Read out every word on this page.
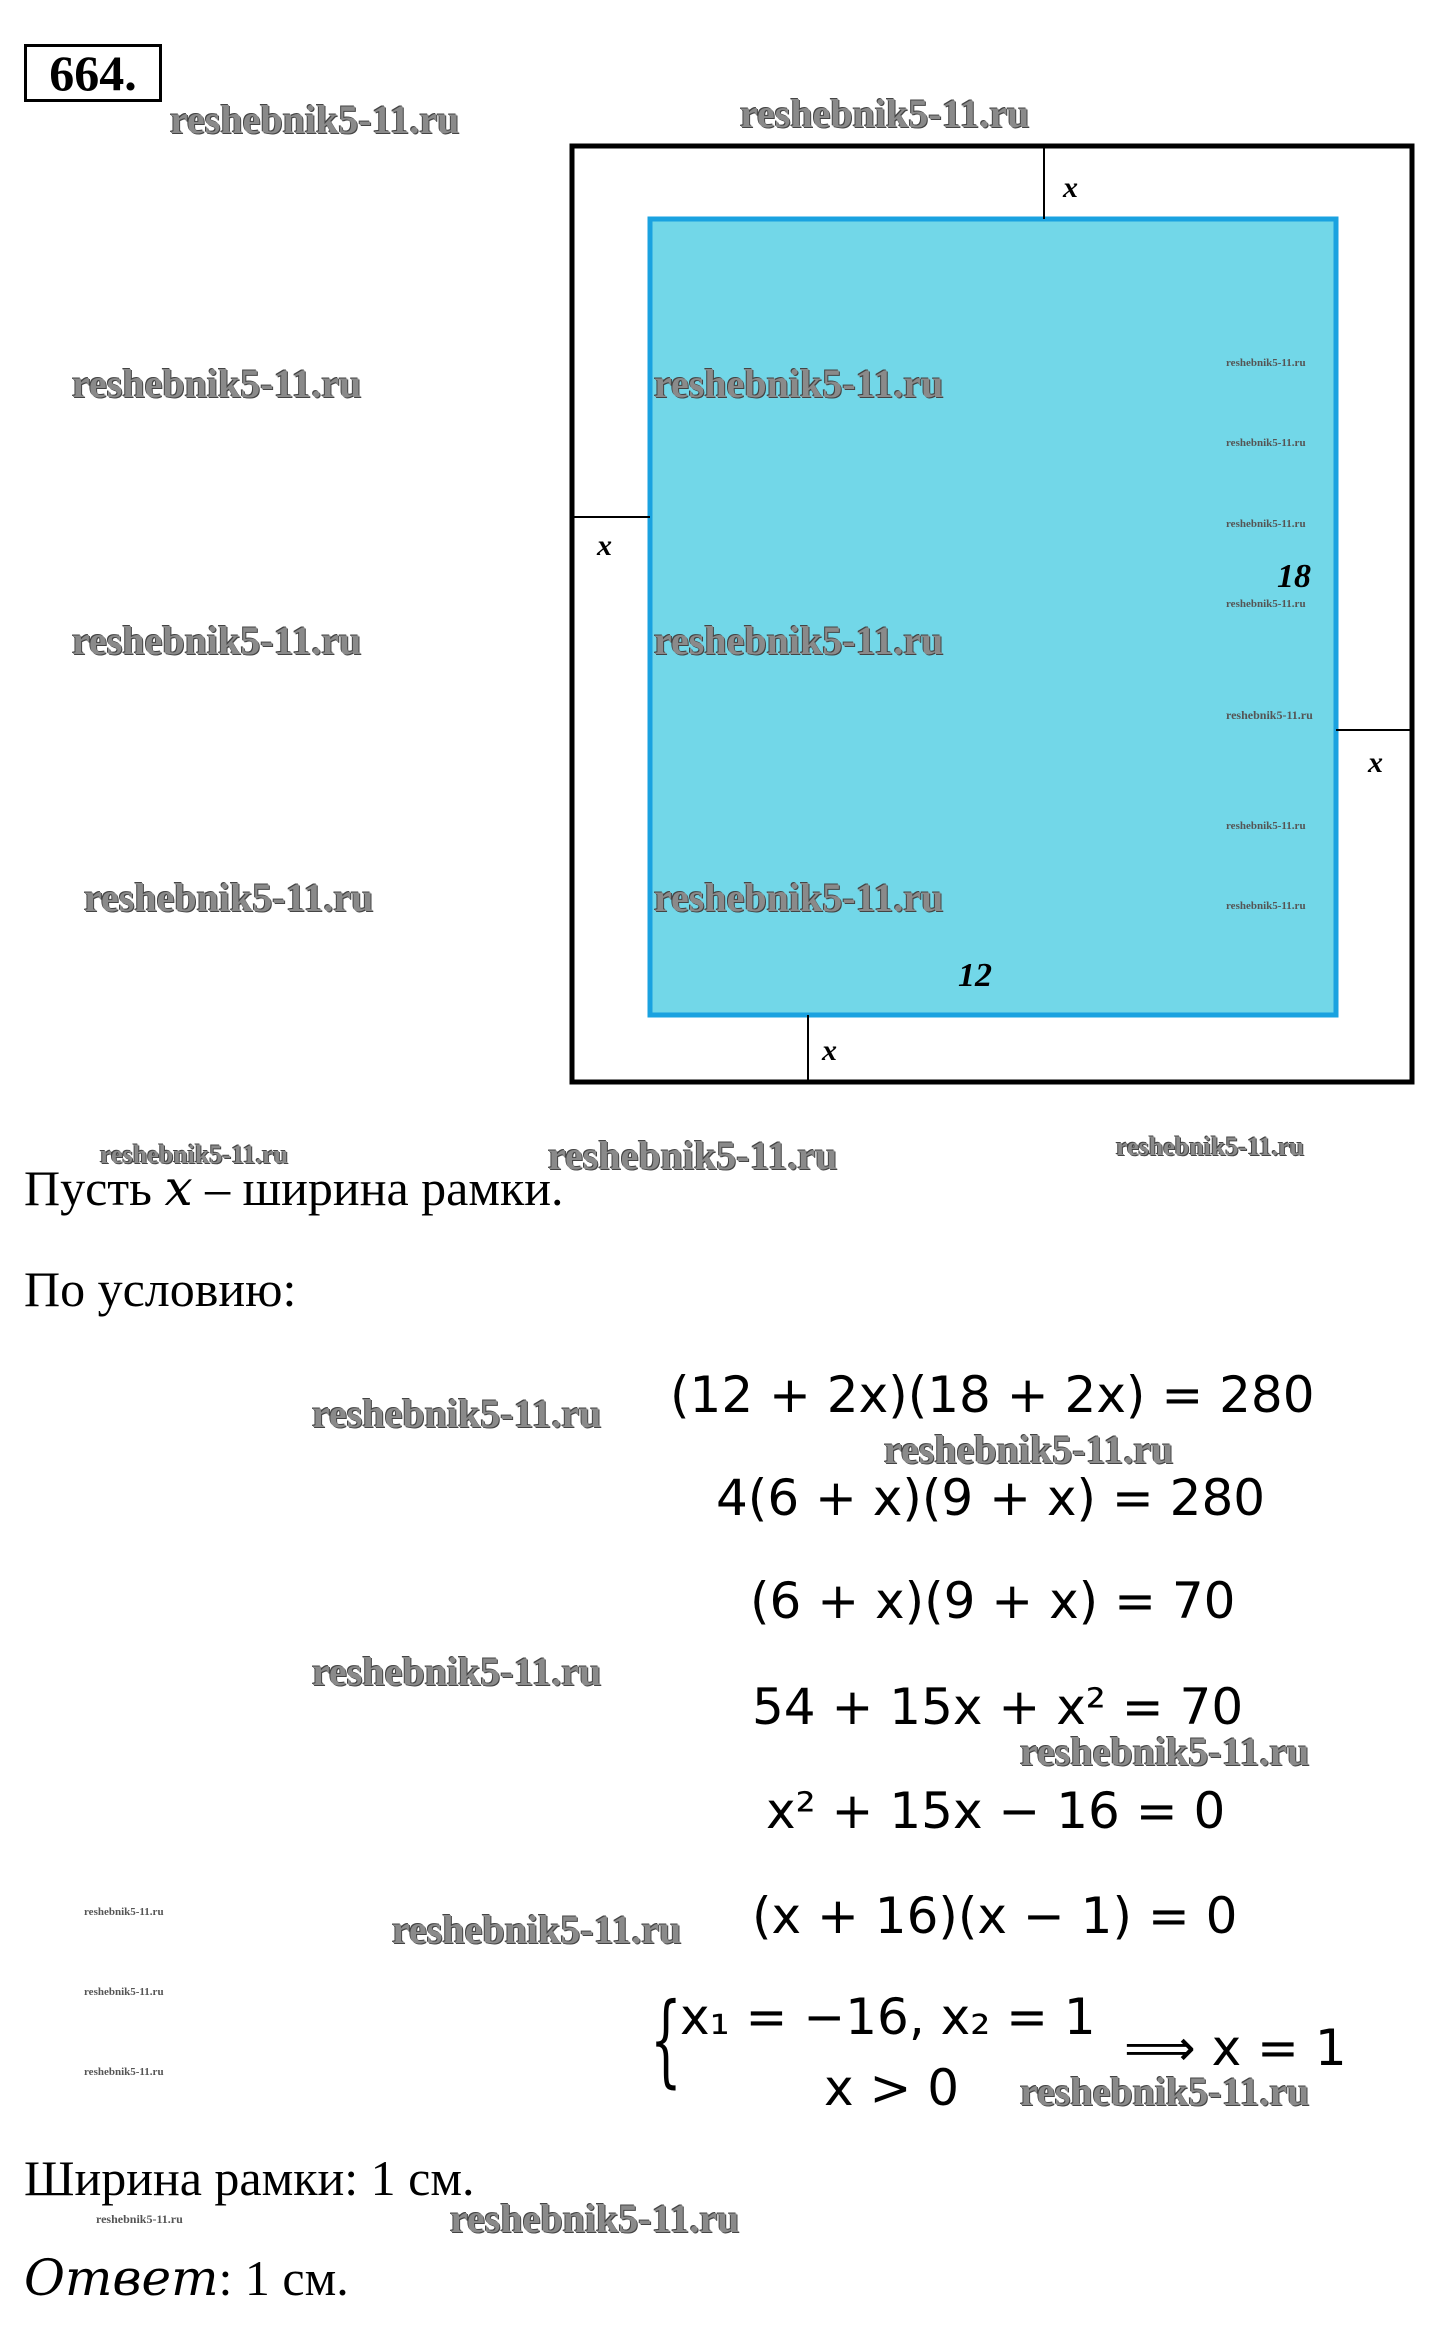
664.
x
x
x
x
18
12
reshebnik5-11.ru	reshebnik5-11.ru
reshebnik5-11.ru	reshebnik5-11.ru
reshebnik5-11.ru	reshebnik5-11.ru
reshebnik5-11.ru	reshebnik5-11.ru
reshebnik5-11.ru
reshebnik5-11.ru
reshebnik5-11.ru
reshebnik5-11.ru
reshebnik5-11.ru
reshebnik5-11.ru
reshebnik5-11.ru
reshebnik5-11.ru	reshebnik5-11.ru	reshebnik5-11.ru
Пусть x – ширина рамки.
По условию:
(12 + 2x)(18 + 2x) = 280
4(6 + x)(9 + x) = 280
(6 + x)(9 + x) = 70
54 + 15x + x² = 70
x² + 15x − 16 = 0
(x + 16)(x − 1) = 0
{
x₁ = −16, x₂ = 1
x > 0
⟹ x = 1
reshebnik5-11.ru
reshebnik5-11.ru
reshebnik5-11.ru
reshebnik5-11.ru
reshebnik5-11.ru
reshebnik5-11.ru
reshebnik5-11.ru
reshebnik5-11.ru
reshebnik5-11.ru
Ширина рамки: 1 см.
reshebnik5-11.ru	reshebnik5-11.ru
Ответ: 1 см.
